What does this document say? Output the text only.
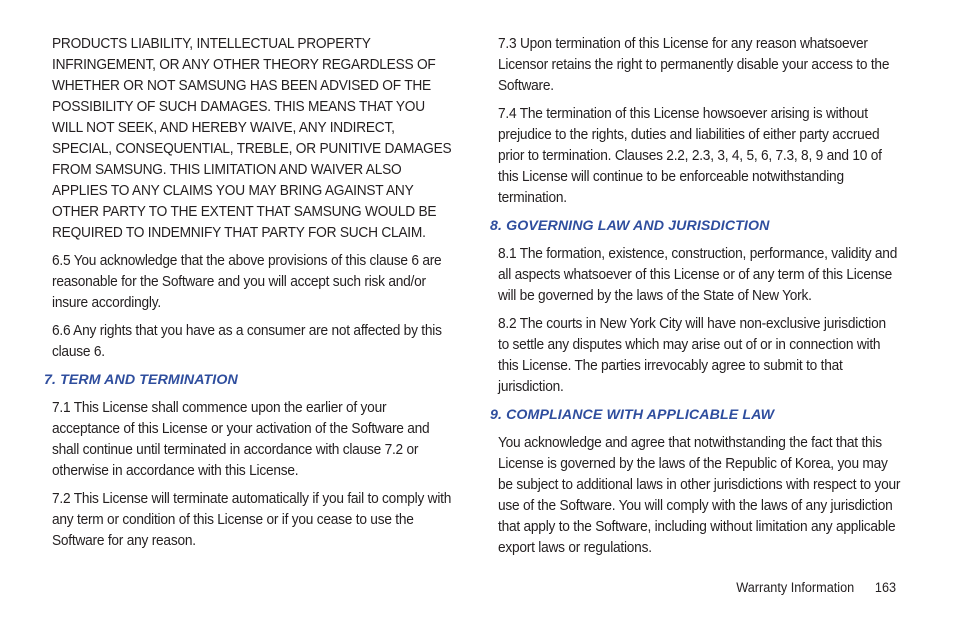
PRODUCTS LIABILITY, INTELLECTUAL PROPERTY INFRINGEMENT, OR ANY OTHER THEORY REGARDLESS OF WHETHER OR NOT SAMSUNG HAS BEEN ADVISED OF THE POSSIBILITY OF SUCH DAMAGES. THIS MEANS THAT YOU WILL NOT SEEK, AND HEREBY WAIVE, ANY INDIRECT, SPECIAL, CONSEQUENTIAL, TREBLE, OR PUNITIVE DAMAGES FROM SAMSUNG. THIS LIMITATION AND WAIVER ALSO APPLIES TO ANY CLAIMS YOU MAY BRING AGAINST ANY OTHER PARTY TO THE EXTENT THAT SAMSUNG WOULD BE REQUIRED TO INDEMNIFY THAT PARTY FOR SUCH CLAIM.

6.5 You acknowledge that the above provisions of this clause 6 are reasonable for the Software and you will accept such risk and/or insure accordingly.

6.6 Any rights that you have as a consumer are not affected by this clause 6.

7. TERM AND TERMINATION

7.1 This License shall commence upon the earlier of your acceptance of this License or your activation of the Software and shall continue until terminated in accordance with clause 7.2 or otherwise in accordance with this License.

7.2 This License will terminate automatically if you fail to comply with any term or condition of this License or if you cease to use the Software for any reason.

7.3 Upon termination of this License for any reason whatsoever Licensor retains the right to permanently disable your access to the Software.

7.4 The termination of this License howsoever arising is without prejudice to the rights, duties and liabilities of either party accrued prior to termination. Clauses 2.2, 2.3, 3, 4, 5, 6, 7.3, 8, 9 and 10 of this License will continue to be enforceable notwithstanding termination.

8. GOVERNING LAW AND JURISDICTION

8.1 The formation, existence, construction, performance, validity and all aspects whatsoever of this License or of any term of this License will be governed by the laws of the State of New York.

8.2 The courts in New York City will have non-exclusive jurisdiction to settle any disputes which may arise out of or in connection with this License. The parties irrevocably agree to submit to that jurisdiction.

9. COMPLIANCE WITH APPLICABLE LAW

You acknowledge and agree that notwithstanding the fact that this License is governed by the laws of the Republic of Korea, you may be subject to additional laws in other jurisdictions with respect to your use of the Software. You will comply with the laws of any jurisdiction that apply to the Software, including without limitation any applicable export laws or regulations.

Warranty Information 163
